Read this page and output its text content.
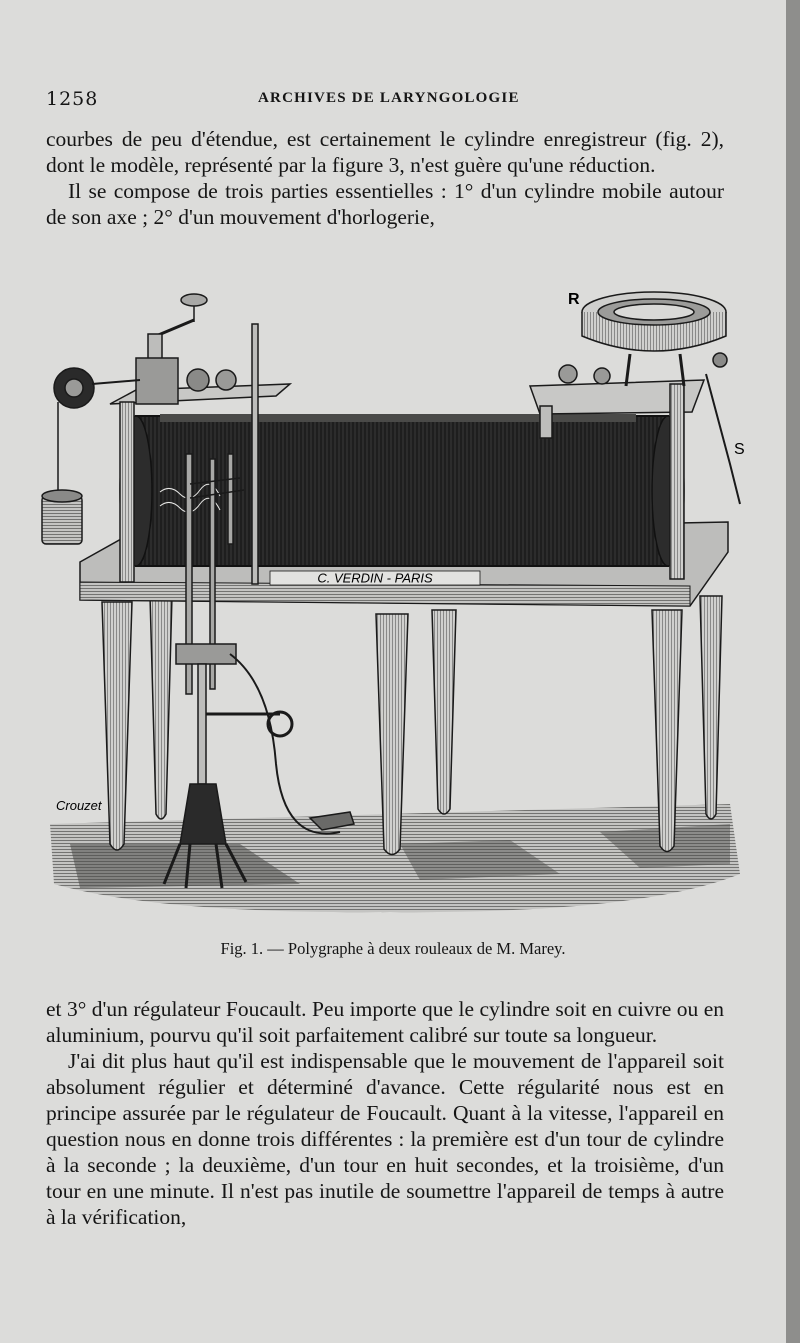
1258	ARCHIVES DE LARYNGOLOGIE

courbes de peu d'étendue, est certainement le cylindre enregistreur (fig. 2), dont le modèle, représenté par la figure 3, n'est guère qu'une réduction.

Il se compose de trois parties essentielles : 1° d'un cylindre mobile autour de son axe ; 2° d'un mouvement d'horlogerie,

C. VERDIN - PARIS
R
S
Crouzet
Fig. 1. — Polygraphe à deux rouleaux de M. Marey.

et 3° d'un régulateur Foucault. Peu importe que le cylindre soit en cuivre ou en aluminium, pourvu qu'il soit parfaitement calibré sur toute sa longueur.

J'ai dit plus haut qu'il est indispensable que le mouvement de l'appareil soit absolument régulier et déterminé d'avance. Cette régularité nous est en principe assurée par le régulateur de Foucault. Quant à la vitesse, l'appareil en question nous en donne trois différentes : la première est d'un tour de cylindre à la seconde ; la deuxième, d'un tour en huit secondes, et la troisième, d'un tour en une minute. Il n'est pas inutile de soumettre l'appareil de temps à autre à la vérification,
